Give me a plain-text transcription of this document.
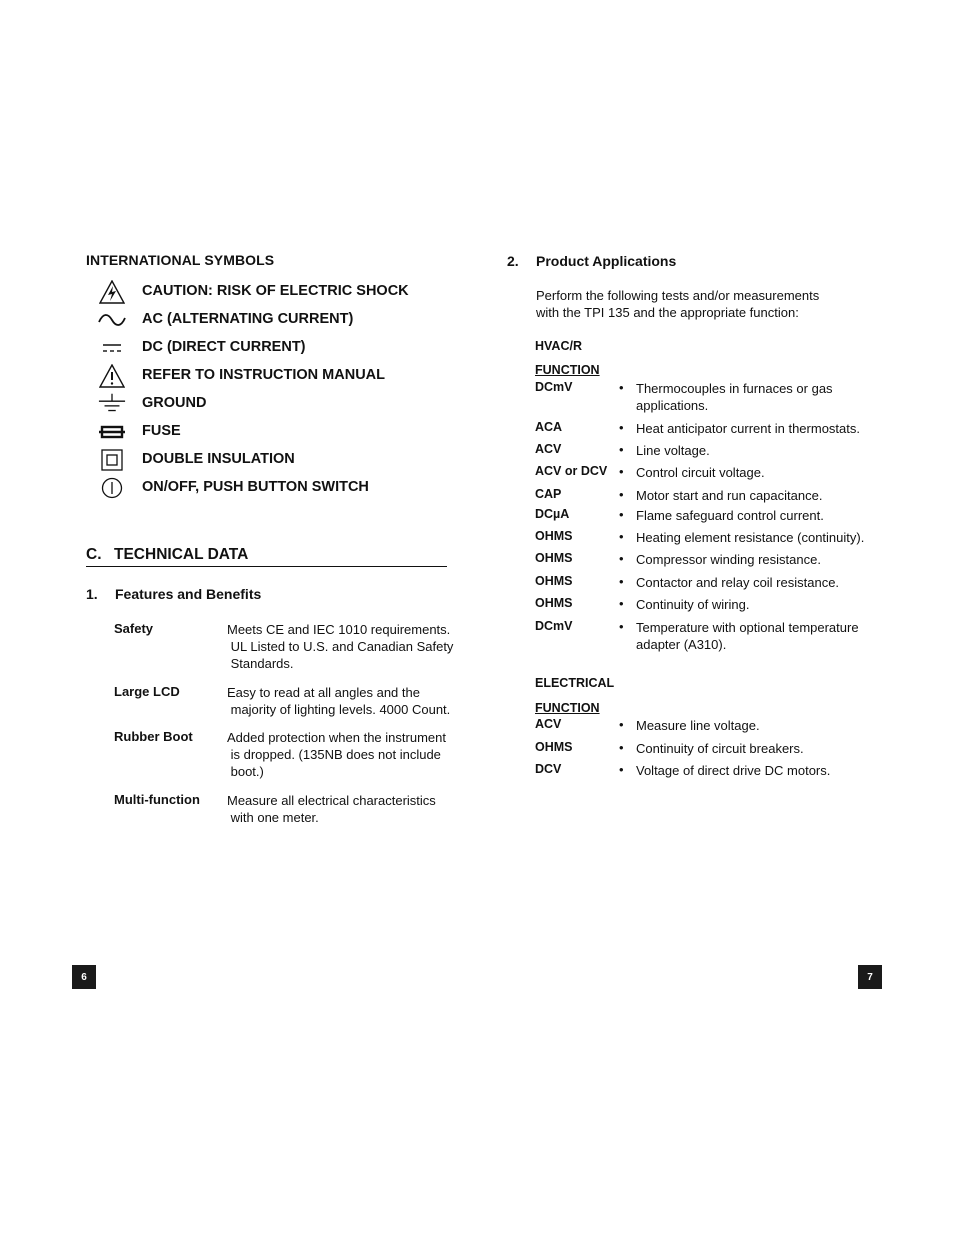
INTERNATIONAL SYMBOLS
CAUTION: RISK OF ELECTRIC SHOCK
AC (ALTERNATING CURRENT)
DC (DIRECT CURRENT)
REFER TO INSTRUCTION MANUAL
GROUND
FUSE
DOUBLE INSULATION
ON/OFF, PUSH BUTTON SWITCH
C. TECHNICAL DATA
1. Features and Benefits
Safety	Meets CE and IEC 1010 requirements.
UL Listed to U.S. and Canadian Safety
Standards.
Large LCD	Easy to read at all angles and the
majority of lighting levels. 4000 Count.
Rubber Boot	Added protection when the instrument
is dropped. (135NB does not include
boot.)
Multi-function Measure all electrical characteristics
with one meter.
6
2. Product Applications
Perform the following tests and/or measurements
with the TPI 135 and the appropriate function:
HVAC/R
FUNCTION
DCmV	• Thermocouples in furnaces or gas
applications.
ACA	• Heat anticipator current in thermostats.
ACV	• Line voltage.
ACV or DCV • Control circuit voltage.
CAP	• Motor start and run capacitance.
DCµA	• Flame safeguard control current.
OHMS	• Heating element resistance (continuity).
OHMS	• Compressor winding resistance.
OHMS	• Contactor and relay coil resistance.
OHMS	• Continuity of wiring.
DCmV	• Temperature with optional temperature
adapter (A310).
ELECTRICAL
FUNCTION
ACV	• Measure line voltage.
OHMS	• Continuity of circuit breakers.
DCV	• Voltage of direct drive DC motors.
7
